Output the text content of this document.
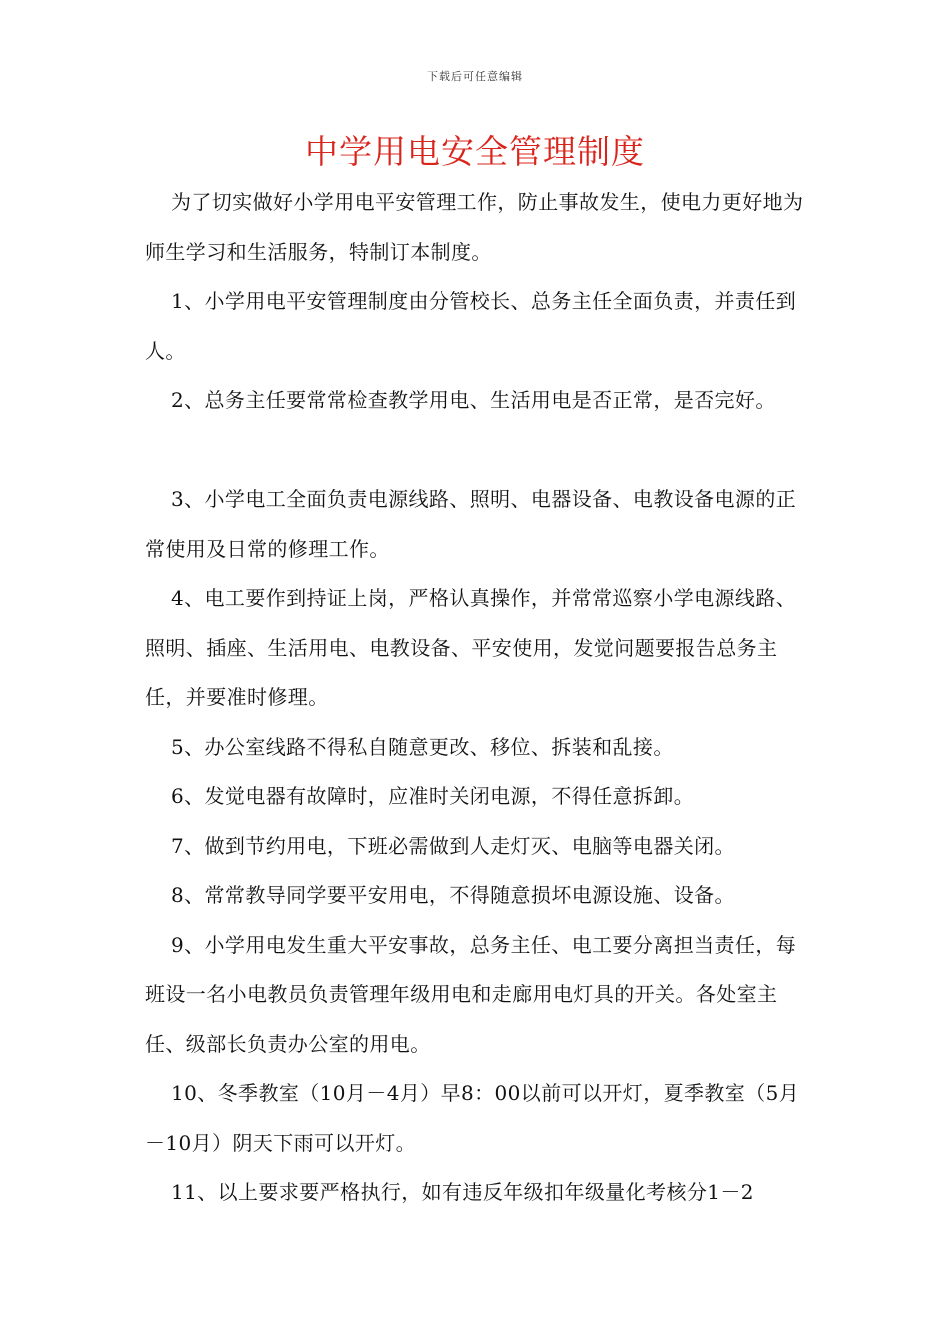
下载后可任意编辑
中学用电安全管理制度

为了切实做好小学用电平安管理工作，防止事故发生，使电力更好地为师生学习和生活服务，特制订本制度。

1、小学用电平安管理制度由分管校长、总务主任全面负责，并责任到人。

2、总务主任要常常检查教学用电、生活用电是否正常，是否完好。

3、小学电工全面负责电源线路、照明、电器设备、电教设备电源的正常使用及日常的修理工作。

4、电工要作到持证上岗，严格认真操作，并常常巡察小学电源线路、照明、插座、生活用电、电教设备、平安使用，发觉问题要报告总务主任，并要准时修理。

5、办公室线路不得私自随意更改、移位、拆装和乱接。

6、发觉电器有故障时，应准时关闭电源，不得任意拆卸。

7、做到节约用电，下班必需做到人走灯灭、电脑等电器关闭。

8、常常教导同学要平安用电，不得随意损坏电源设施、设备。

9、小学用电发生重大平安事故，总务主任、电工要分离担当责任，每班设一名小电教员负责管理年级用电和走廊用电灯具的开关。各处室主任、级部长负责办公室的用电。

10、冬季教室（10月－4月）早8：00以前可以开灯，夏季教室（5月－10月）阴天下雨可以开灯。

11、以上要求要严格执行，如有违反年级扣年级量化考核分1－2
